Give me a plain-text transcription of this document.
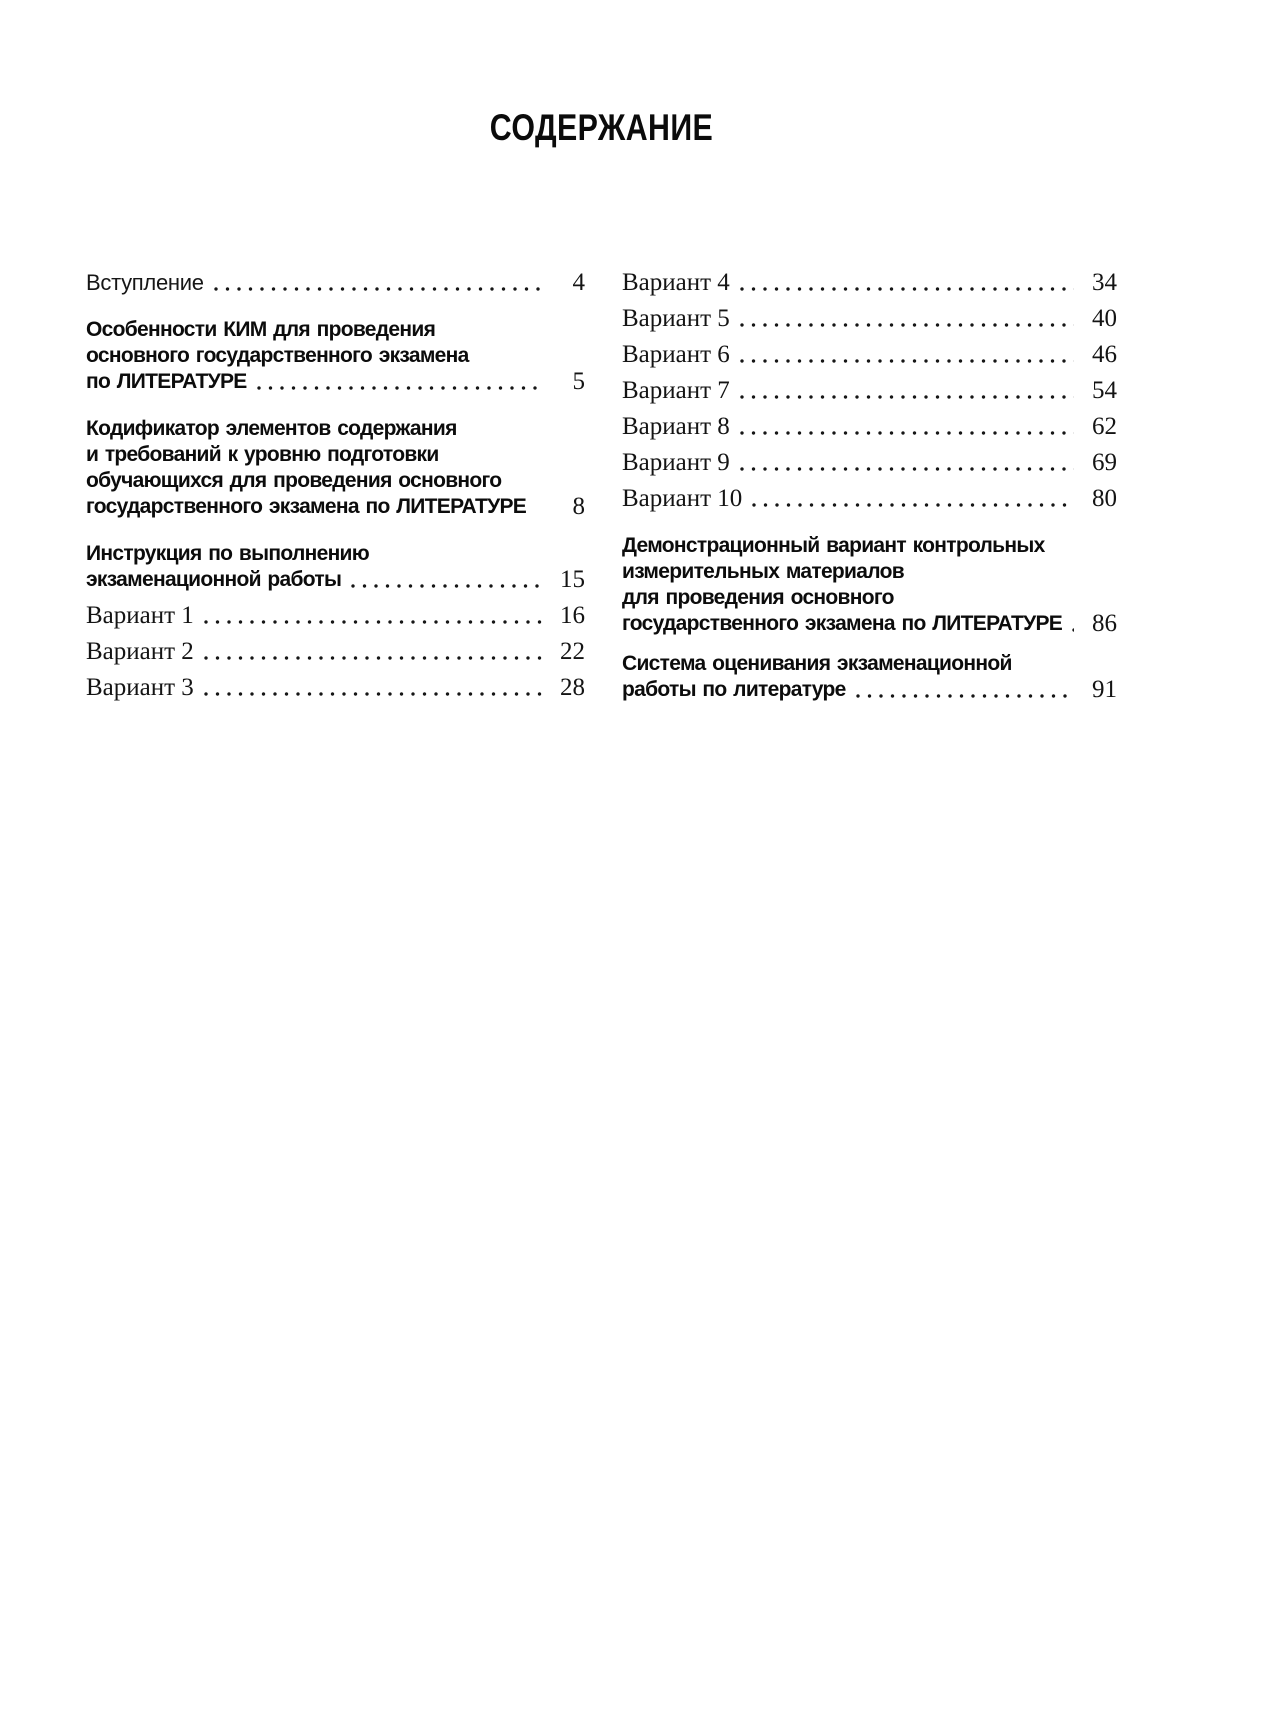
СОДЕРЖАНИЕ
Вступление	4
Особенности КИМ для проведения
основного государственного экзамена
по ЛИТЕРАТУРЕ	5
Кодификатор элементов содержания
и требований к уровню подготовки
обучающихся для проведения основного
государственного экзамена по ЛИТЕРАТУРЕ	8
Инструкция по выполнению
экзаменационной работы	15
Вариант 1	16
Вариант 2	22
Вариант 3	28
Вариант 4	34
Вариант 5	40
Вариант 6	46
Вариант 7	54
Вариант 8	62
Вариант 9	69
Вариант 10	80
Демонстрационный вариант контрольных
измерительных материалов
для проведения основного
государственного экзамена по ЛИТЕРАТУРЕ	86
Система оценивания экзаменационной
работы по литературе	91
